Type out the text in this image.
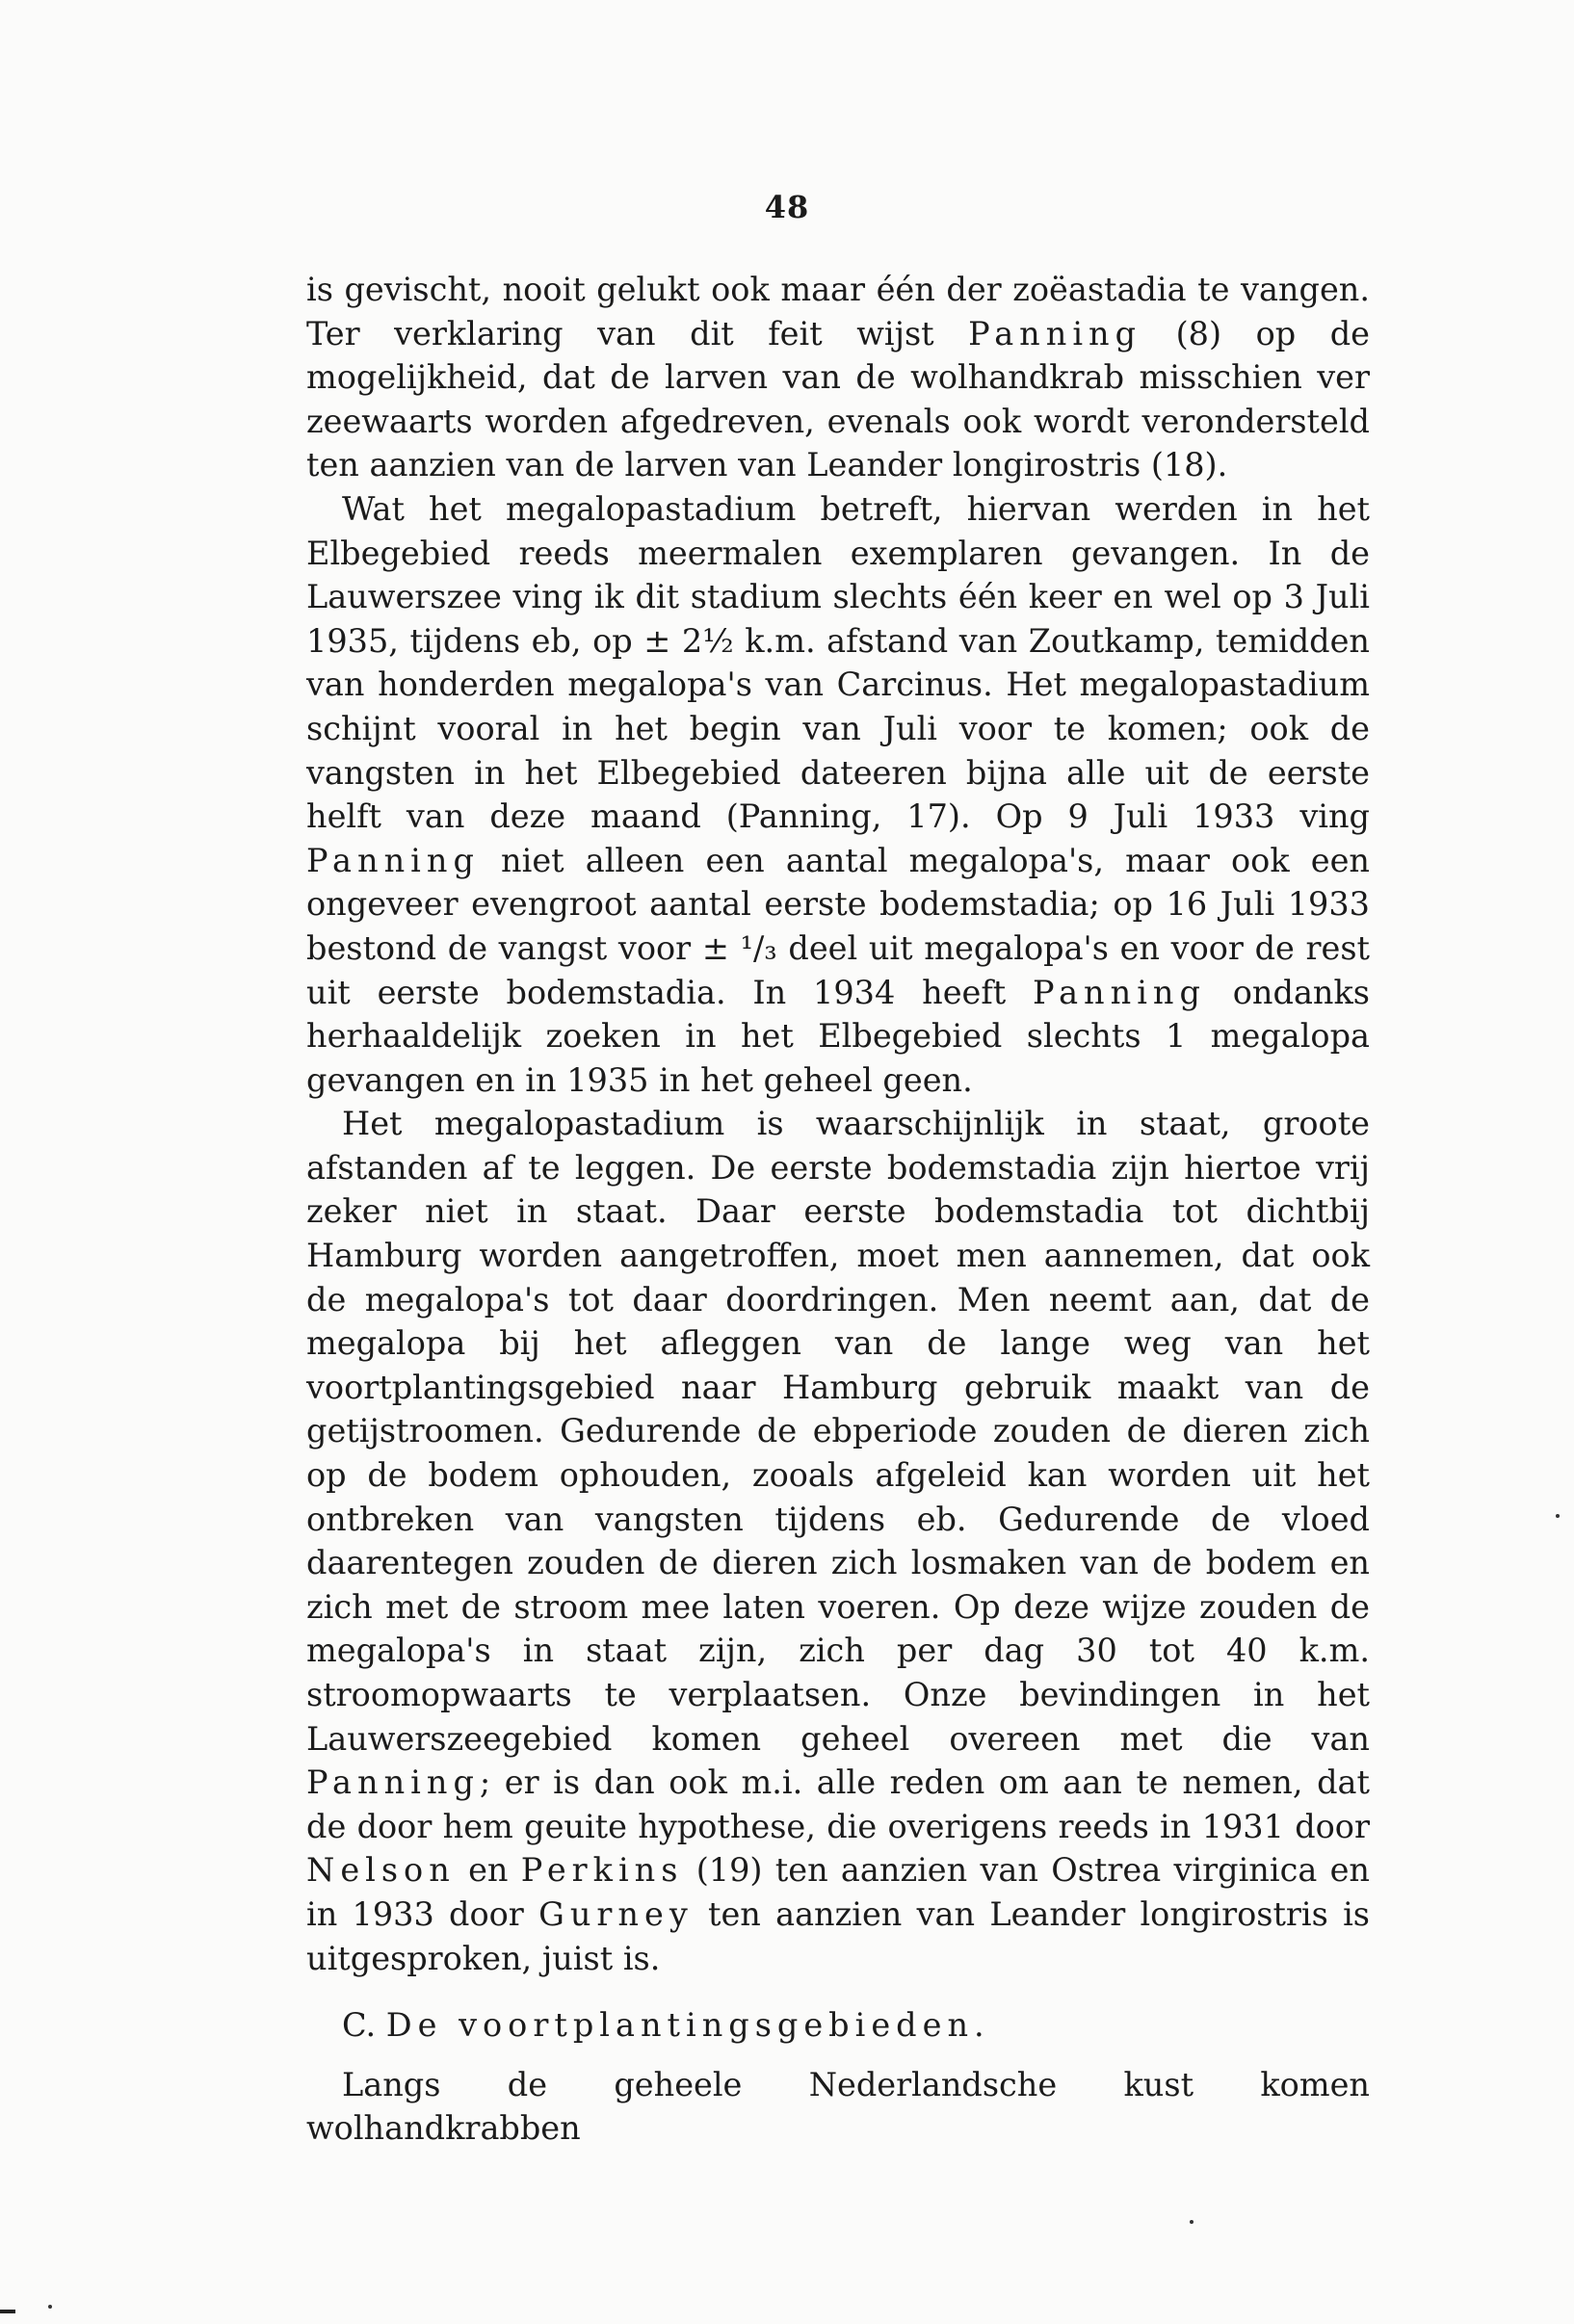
48

is gevischt, nooit gelukt ook maar één der zoëastadia te vangen. Ter verklaring van dit feit wijst Panning (8) op de mogelijkheid, dat de larven van de wolhandkrab misschien ver zeewaarts worden afgedreven, evenals ook wordt verondersteld ten aanzien van de larven van Leander longirostris (18).

Wat het megalopastadium betreft, hiervan werden in het Elbegebied reeds meermalen exemplaren gevangen. In de Lauwerszee ving ik dit stadium slechts één keer en wel op 3 Juli 1935, tijdens eb, op ± 2½ k.m. afstand van Zoutkamp, temidden van honderden megalopa's van Carcinus. Het megalopastadium schijnt vooral in het begin van Juli voor te komen; ook de vangsten in het Elbegebied dateeren bijna alle uit de eerste helft van deze maand (Panning, 17). Op 9 Juli 1933 ving Panning niet alleen een aantal megalopa's, maar ook een ongeveer evengroot aantal eerste bodemstadia; op 16 Juli 1933 bestond de vangst voor ± ¹/₃ deel uit megalopa's en voor de rest uit eerste bodemstadia. In 1934 heeft Panning ondanks herhaaldelijk zoeken in het Elbegebied slechts 1 megalopa gevangen en in 1935 in het geheel geen.

Het megalopastadium is waarschijnlijk in staat, groote afstanden af te leggen. De eerste bodemstadia zijn hiertoe vrij zeker niet in staat. Daar eerste bodemstadia tot dichtbij Hamburg worden aangetroffen, moet men aannemen, dat ook de megalopa's tot daar doordringen. Men neemt aan, dat de megalopa bij het afleggen van de lange weg van het voortplantingsgebied naar Hamburg gebruik maakt van de getijstroomen. Gedurende de ebperiode zouden de dieren zich op de bodem ophouden, zooals afgeleid kan worden uit het ontbreken van vangsten tijdens eb. Gedurende de vloed daarentegen zouden de dieren zich losmaken van de bodem en zich met de stroom mee laten voeren. Op deze wijze zouden de megalopa's in staat zijn, zich per dag 30 tot 40 k.m. stroomopwaarts te verplaatsen. Onze bevindingen in het Lauwerszeegebied komen geheel overeen met die van Panning; er is dan ook m.i. alle reden om aan te nemen, dat de door hem geuite hypothese, die overigens reeds in 1931 door Nelson en Perkins (19) ten aanzien van Ostrea virginica en in 1933 door Gurney ten aanzien van Leander longirostris is uitgesproken, juist is.

C. De voortplantingsgebieden.

Langs de geheele Nederlandsche kust komen wolhandkrabben
